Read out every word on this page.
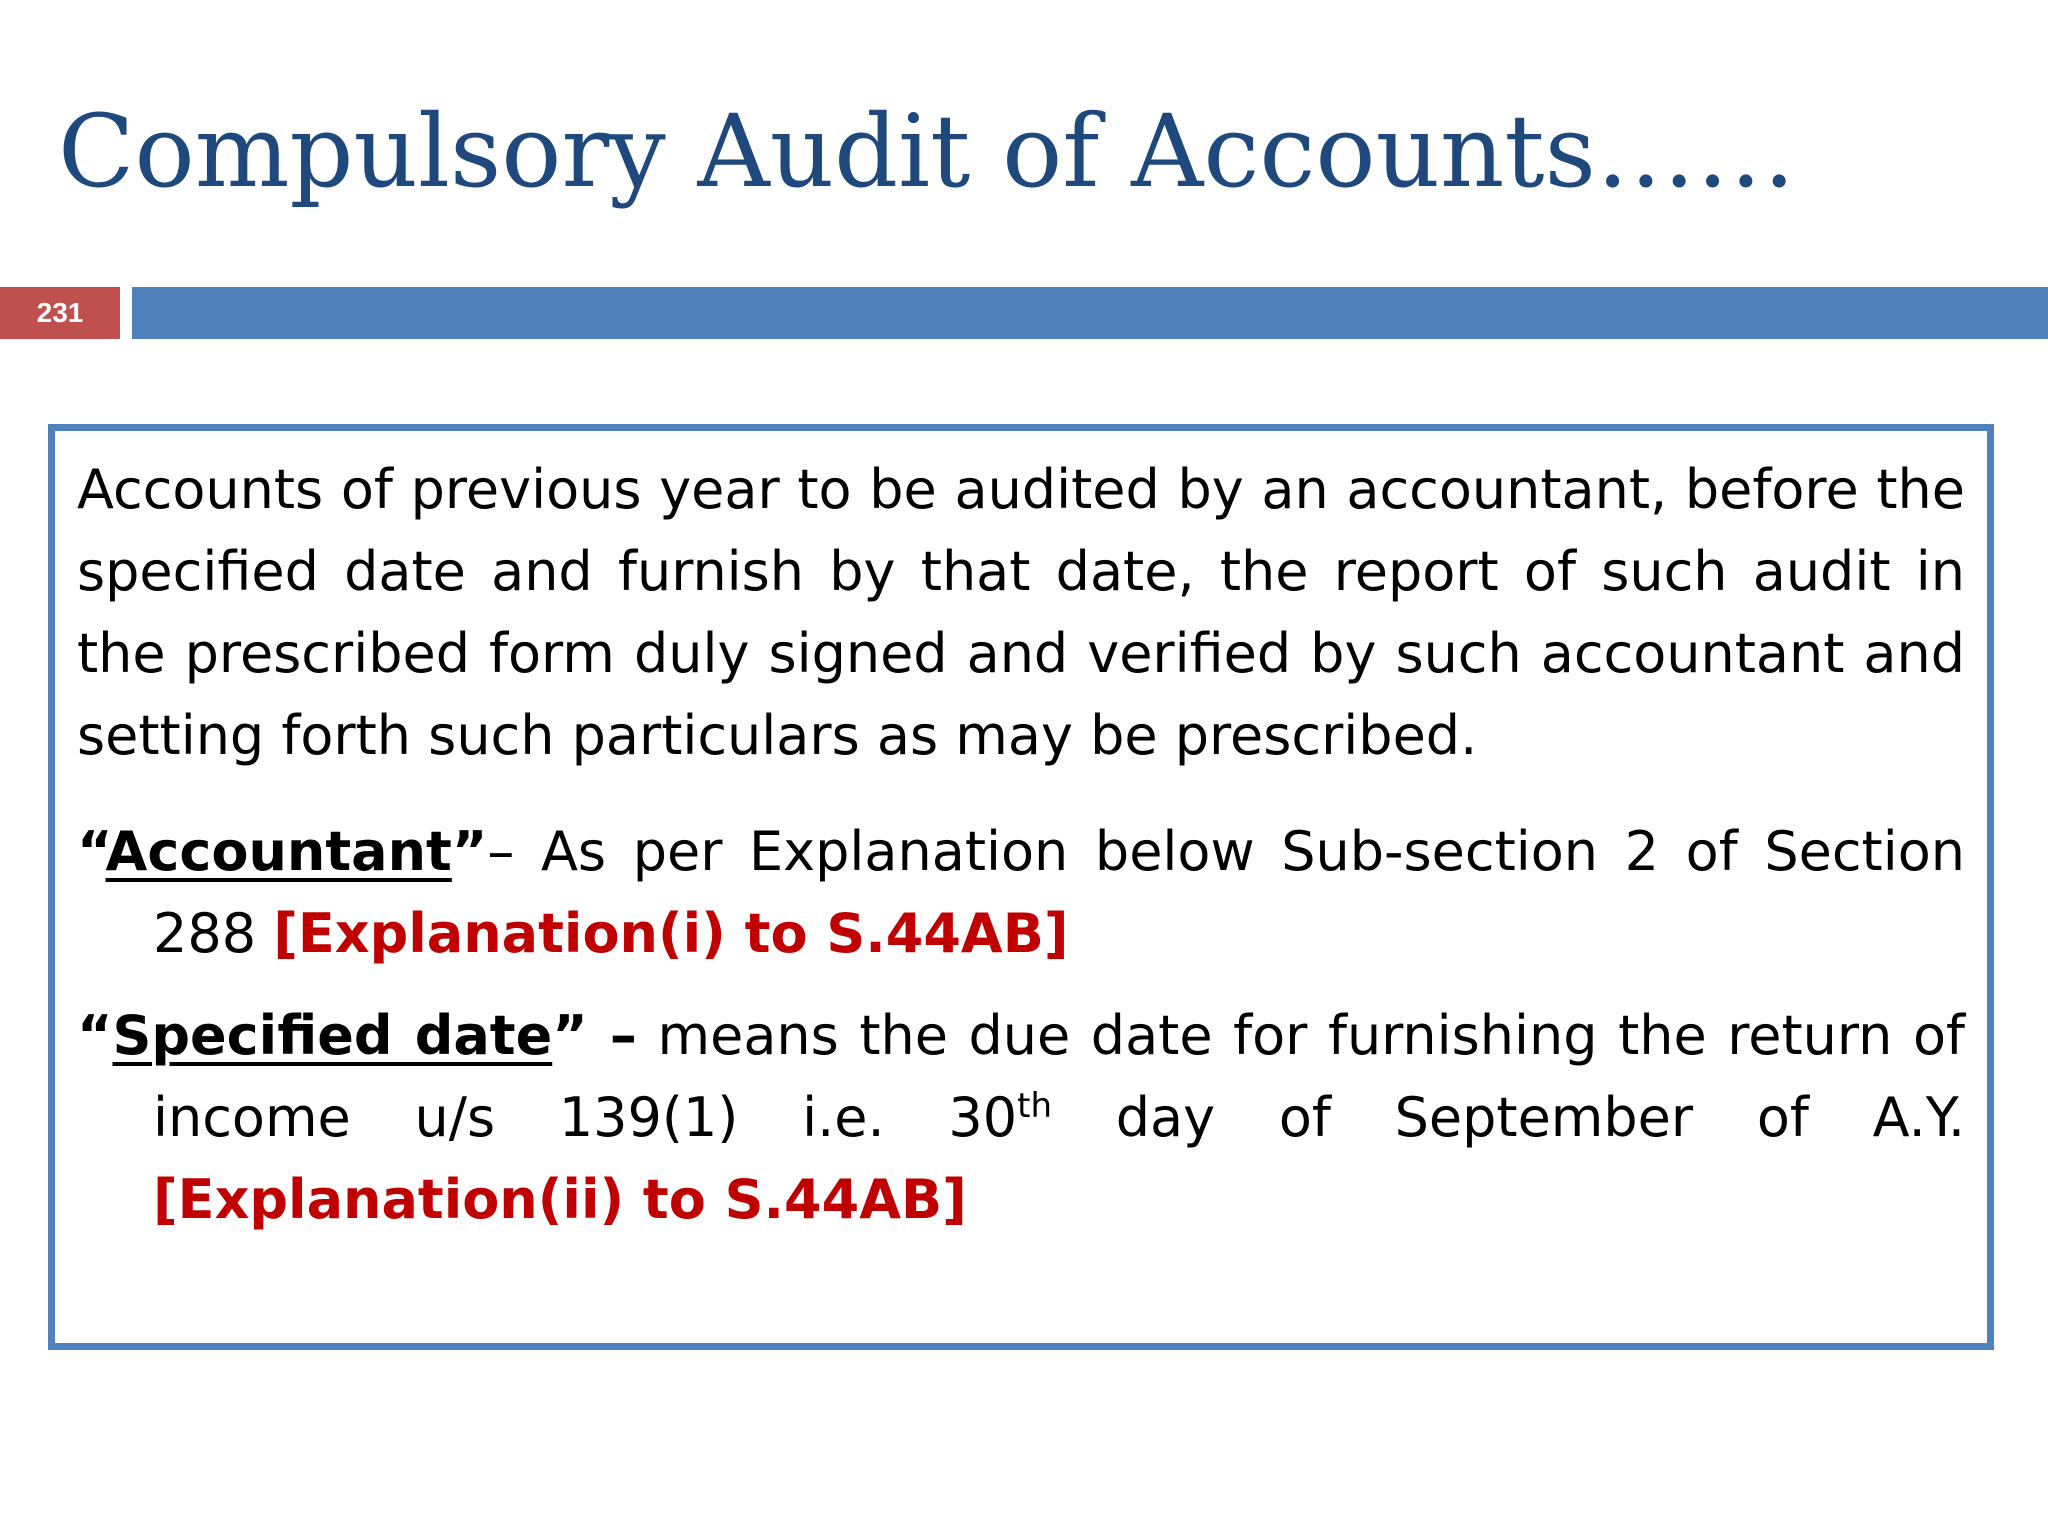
Compulsory Audit of Accounts……
231

Accounts of previous year to be audited by an accountant, before the specified date and furnish by that date, the report of such audit in the prescribed form duly signed and verified by such accountant and setting forth such particulars as may be prescribed.

“Accountant”– As per Explanation below Sub-section 2 of Section 288 [Explanation(i) to S.44AB]

“Specified date” – means the due date for furnishing the return of income u/s 139(1) i.e. 30th day of September of A.Y. [Explanation(ii) to S.44AB]
